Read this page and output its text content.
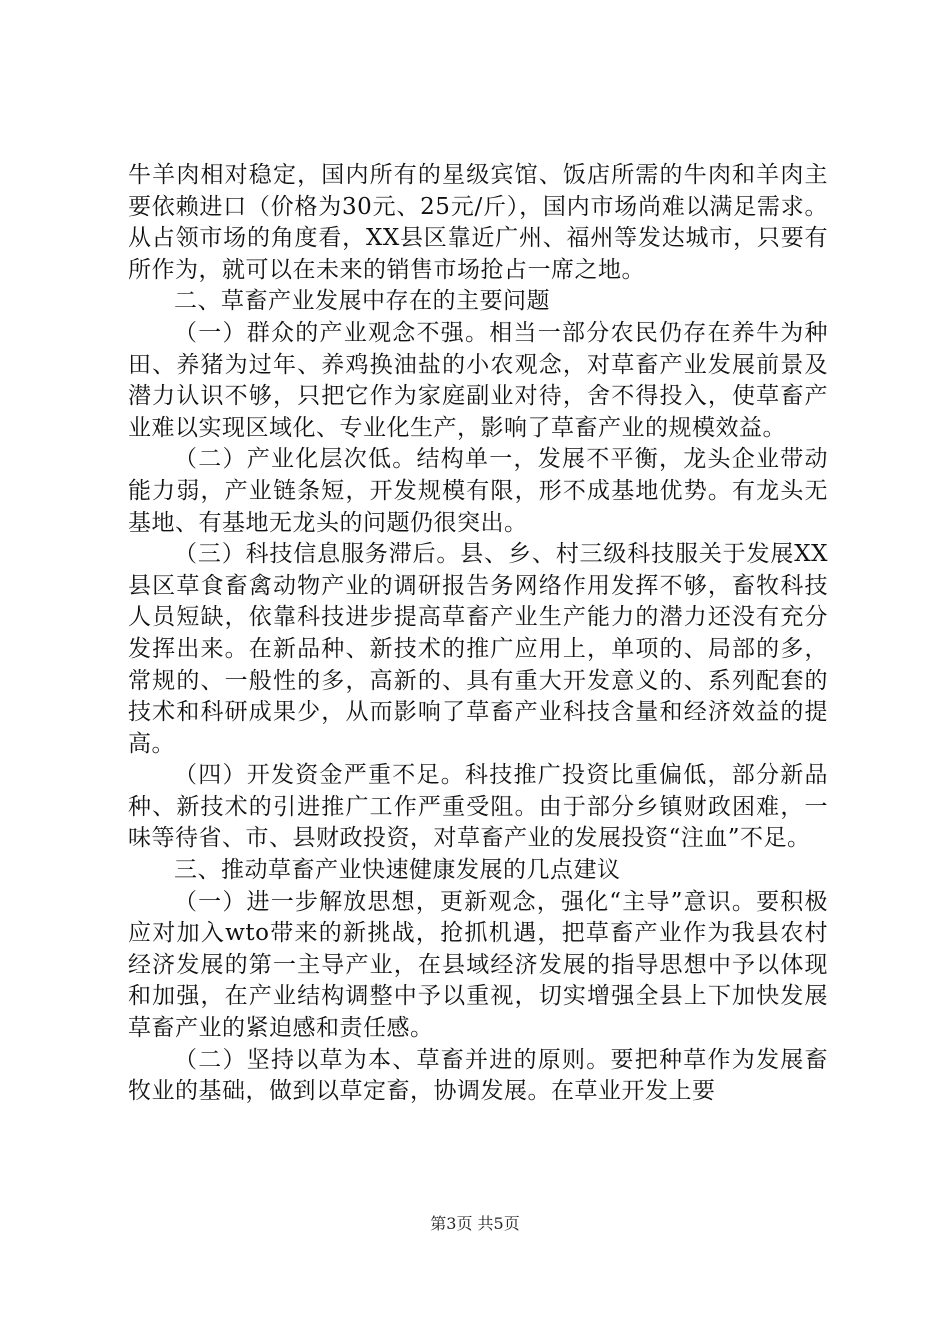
牛羊肉相对稳定，国内所有的星级宾馆、饭店所需的牛肉和羊肉主要依赖进口（价格为30元、25元/斤），国内市场尚难以满足需求。从占领市场的角度看，XX县区靠近广州、福州等发达城市，只要有所作为，就可以在未来的销售市场抢占一席之地。

二、草畜产业发展中存在的主要问题

（一）群众的产业观念不强。相当一部分农民仍存在养牛为种田、养猪为过年、养鸡换油盐的小农观念，对草畜产业发展前景及潜力认识不够，只把它作为家庭副业对待，舍不得投入，使草畜产业难以实现区域化、专业化生产，影响了草畜产业的规模效益。

（二）产业化层次低。结构单一，发展不平衡，龙头企业带动能力弱，产业链条短，开发规模有限，形不成基地优势。有龙头无基地、有基地无龙头的问题仍很突出。

（三）科技信息服务滞后。县、乡、村三级科技服关于发展XX县区草食畜禽动物产业的调研报告务网络作用发挥不够，畜牧科技人员短缺，依靠科技进步提高草畜产业生产能力的潜力还没有充分发挥出来。在新品种、新技术的推广应用上，单项的、局部的多，常规的、一般性的多，高新的、具有重大开发意义的、系列配套的技术和科研成果少，从而影响了草畜产业科技含量和经济效益的提高。

（四）开发资金严重不足。科技推广投资比重偏低，部分新品种、新技术的引进推广工作严重受阻。由于部分乡镇财政困难，一味等待省、市、县财政投资，对草畜产业的发展投资“注血”不足。

三、推动草畜产业快速健康发展的几点建议

（一）进一步解放思想，更新观念，强化“主导”意识。要积极应对加入wto带来的新挑战，抢抓机遇，把草畜产业作为我县农村经济发展的第一主导产业，在县域经济发展的指导思想中予以体现和加强，在产业结构调整中予以重视，切实增强全县上下加快发展草畜产业的紧迫感和责任感。

（二）坚持以草为本、草畜并进的原则。要把种草作为发展畜牧业的基础，做到以草定畜，协调发展。在草业开发上要

第3页 共5页
